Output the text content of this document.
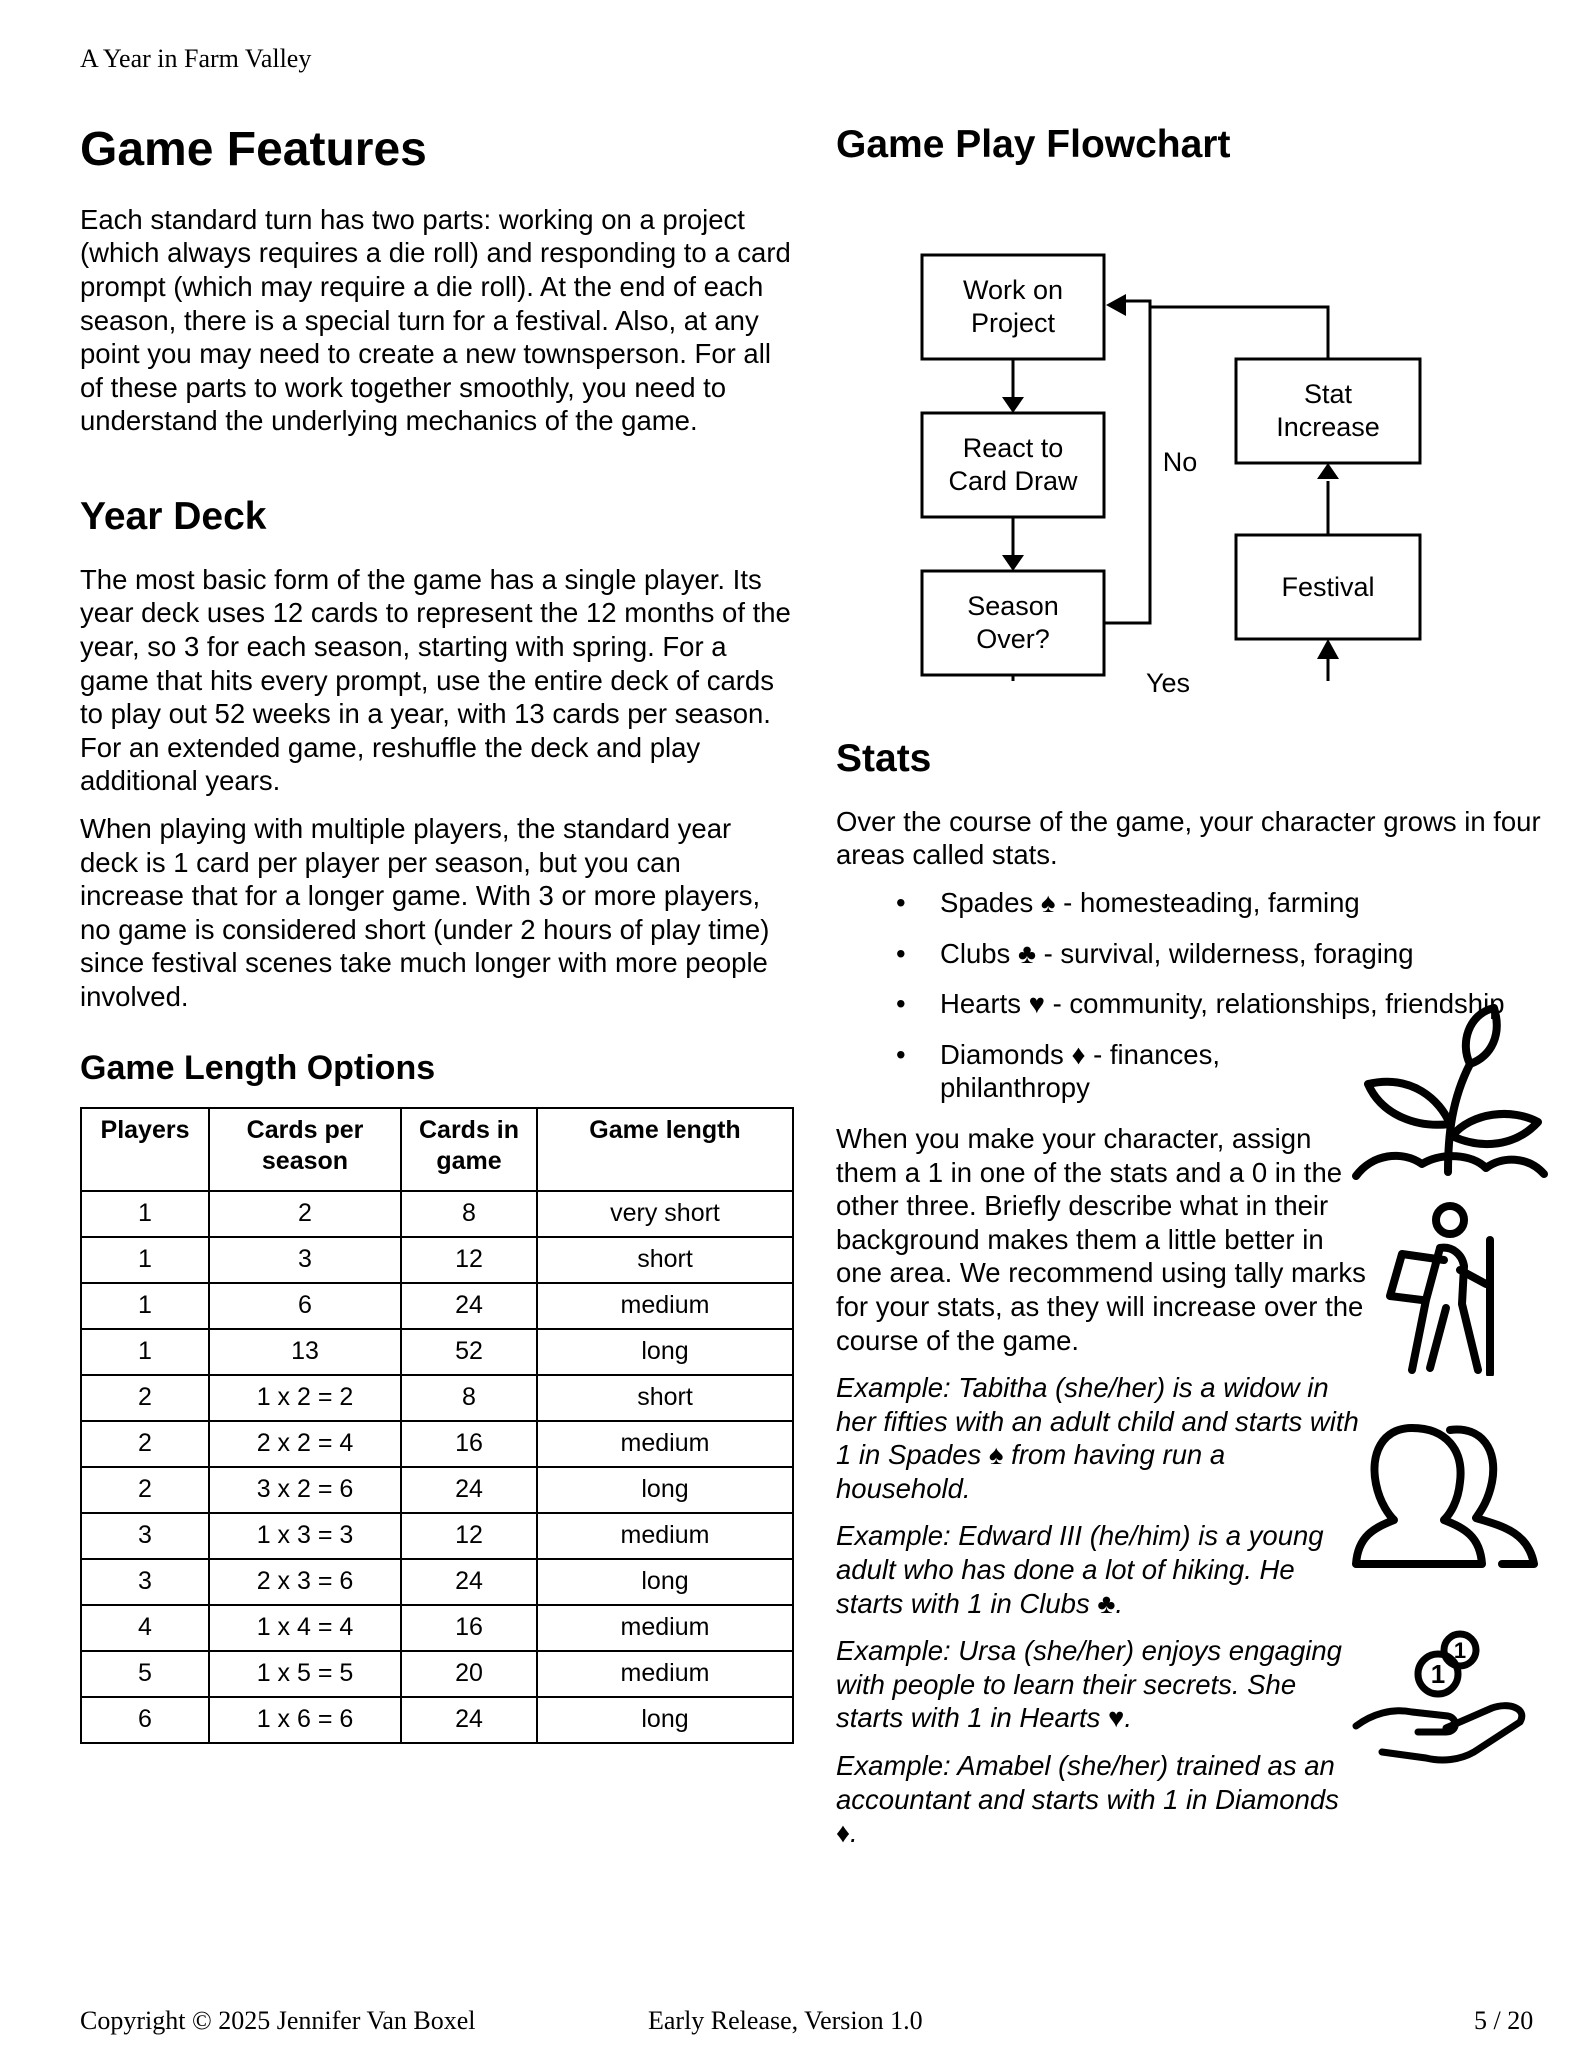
A Year in Farm Valley
Game Features

Each standard turn has two parts: working on a project (which always requires a die roll) and responding to a card prompt (which may require a die roll). At the end of each season, there is a special turn for a festival. Also, at any point you may need to create a new townsperson. For all of these parts to work together smoothly, you need to understand the underlying mechanics of the game.

Year Deck

The most basic form of the game has a single player. Its year deck uses 12 cards to represent the 12 months of the year, so 3 for each season, starting with spring. For a game that hits every prompt, use the entire deck of cards to play out 52 weeks in a year, with 13 cards per season. For an extended game, reshuffle the deck and play additional years.

When playing with multiple players, the standard year deck is 1 card per player per season, but you can increase that for a longer game. With 3 or more players, no game is considered short (under 2 hours of play time) since festival scenes take much longer with more people involved.

Game Length Options
Players	Cards per season	Cards in game	Game length
1	2	8	very short
1	3	12	short
1	6	24	medium
1	13	52	long
2	1 x 2 = 2	8	short
2	2 x 2 = 4	16	medium
2	3 x 2 = 6	24	long
3	1 x 3 = 3	12	medium
3	2 x 3 = 6	24	long
4	1 x 4 = 4	16	medium
5	1 x 5 = 5	20	medium
6	1 x 6 = 6	24	long
Game Play Flowchart
Work on
Project
React to
Card Draw
Season
Over?
Stat
Increase
Festival
No
Yes
Stats

Over the course of the game, your character grows in four areas called stats.

• Spades ♠ - homesteading, farming
• Clubs ♣ - survival, wilderness, foraging
• Hearts ♥ - community, relationships, friendship
• Diamonds ♦ - finances, philanthropy

When you make your character, assign them a 1 in one of the stats and a 0 in the other three. Briefly describe what in their background makes them a little better in one area. We recommend using tally marks for your stats, as they will increase over the course of the game.

Example: Tabitha (she/her) is a widow in her fifties with an adult child and starts with 1 in Spades ♠ from having run a household.

Example: Edward III (he/him) is a young adult who has done a lot of hiking. He starts with 1 in Clubs ♣.

Example: Ursa (she/her) enjoys engaging with people to learn their secrets. She starts with 1 in Hearts ♥.

Example: Amabel (she/her) trained as an accountant and starts with 1 in Diamonds ♦.

1
1
Copyright © 2025 Jennifer Van Boxel	Early Release, Version 1.0	5 / 20
